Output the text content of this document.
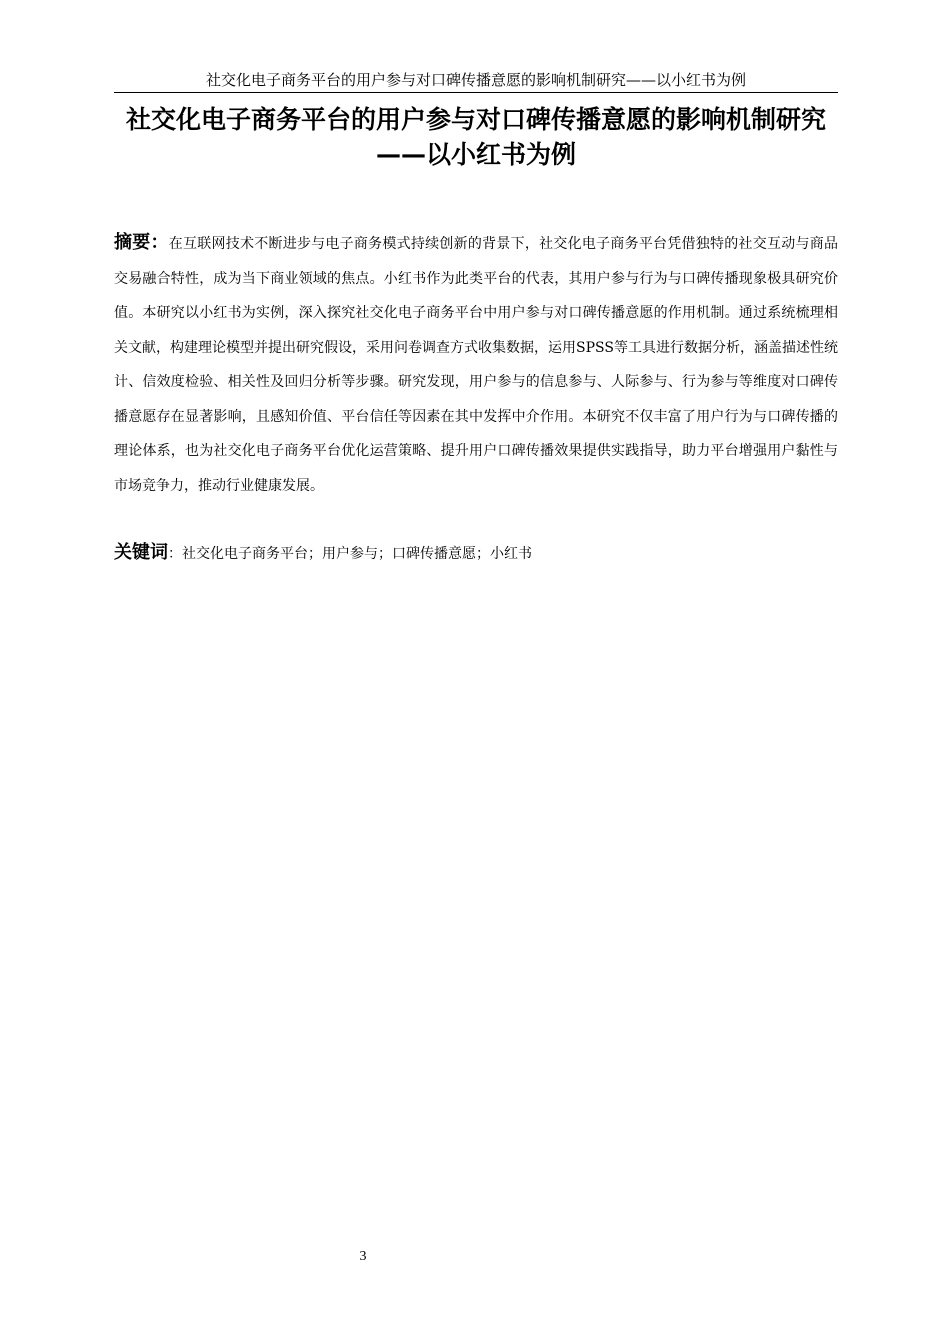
社交化电子商务平台的用户参与对口碑传播意愿的影响机制研究——以小红书为例
社交化电子商务平台的用户参与对口碑传播意愿的影响机制研究——以小红书为例

摘要：在互联网技术不断进步与电子商务模式持续创新的背景下，社交化电子商务平台凭借独特的社交互动与商品交易融合特性，成为当下商业领域的焦点。小红书作为此类平台的代表，其用户参与行为与口碑传播现象极具研究价值。本研究以小红书为实例，深入探究社交化电子商务平台中用户参与对口碑传播意愿的作用机制。通过系统梳理相关文献，构建理论模型并提出研究假设，采用问卷调查方式收集数据，运用SPSS等工具进行数据分析，涵盖描述性统计、信效度检验、相关性及回归分析等步骤。研究发现，用户参与的信息参与、人际参与、行为参与等维度对口碑传播意愿存在显著影响，且感知价值、平台信任等因素在其中发挥中介作用。本研究不仅丰富了用户行为与口碑传播的理论体系，也为社交化电子商务平台优化运营策略、提升用户口碑传播效果提供实践指导，助力平台增强用户黏性与市场竞争力，推动行业健康发展。

关键词：社交化电子商务平台；用户参与；口碑传播意愿；小红书

3
